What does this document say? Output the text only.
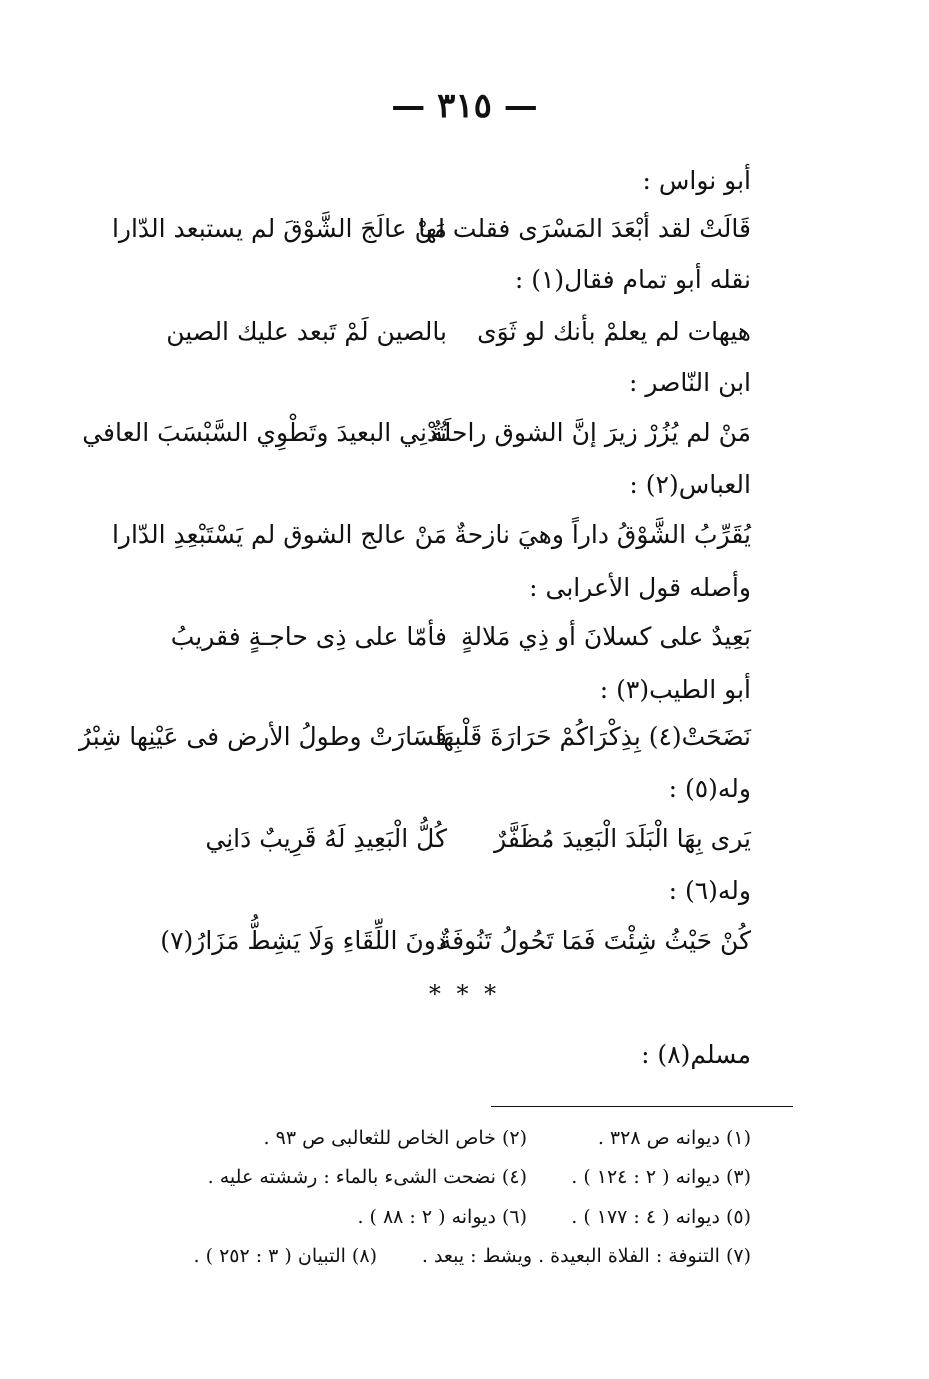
— ٣١٥ —
أبو نواس :
قَالَتْ لقد أبْعَدَ المَسْرَى فقلت لها
مَنْ عالَجَ الشَّوْقَ لم يستبعد الدّارا
نقله أبو تمام فقال(١) :
هيهات لم يعلمْ بأنك لو ثَوَى
بالصين لَمْ تَبعد عليك الصين
ابن النّاصر :
مَنْ لم يُزُرْ زيرَ إنَّ الشوق راحلَةٌ
تُدْنِي البعيدَ وتَطْوِي السَّبْسَبَ العافي
العباس(٢) :
يُقَرِّبُ الشَّوْقُ داراً وهيَ نازحةٌ
مَنْ عالج الشوق لم يَسْتَبْعِدِ الدّارا
وأصله قول الأعرابى :
بَعِيدٌ على كسلانَ أو ذِي مَلالةٍ
فأمّا على ذِى حاجـةٍ فقريبُ
أبو الطيب(٣) :
نَضَحَتْ(٤) بِذِكْرَاكُمْ حَرَارَةَ قَلْبِهَا
فَسَارَتْ وطولُ الأرض فى عَيْنِها شِبْرُ
وله(٥) :
يَرى بِهَا الْبَلَدَ الْبَعِيدَ مُظَفَّرٌ
كُلُّ الْبَعِيدِ لَهُ قَرِيبٌ دَانِي
وله(٦) :
كُنْ حَيْثُ شِئْتَ فَمَا تَحُولُ تَنُوفَةٌ
دونَ اللِّقَاءِ وَلَا يَشِطُّ مَزَارُ(٧)
* * *
مسلم(٨) :
(١) ديوانه ص ٣٢٨ .
(٢) خاص الخاص للثعالبى ص ٩٣ .
(٣) ديوانه ( ٢ : ١٢٤ ) .
(٤) نضحت الشىء بالماء : رششته عليه .
(٥) ديوانه ( ٤ : ١٧٧ ) .
(٦) ديوانه ( ٢ : ٨٨ ) .
(٧) التنوفة : الفلاة البعيدة . ويشط : يبعد .
(٨) التبيان ( ٣ : ٢٥٢ ) .
